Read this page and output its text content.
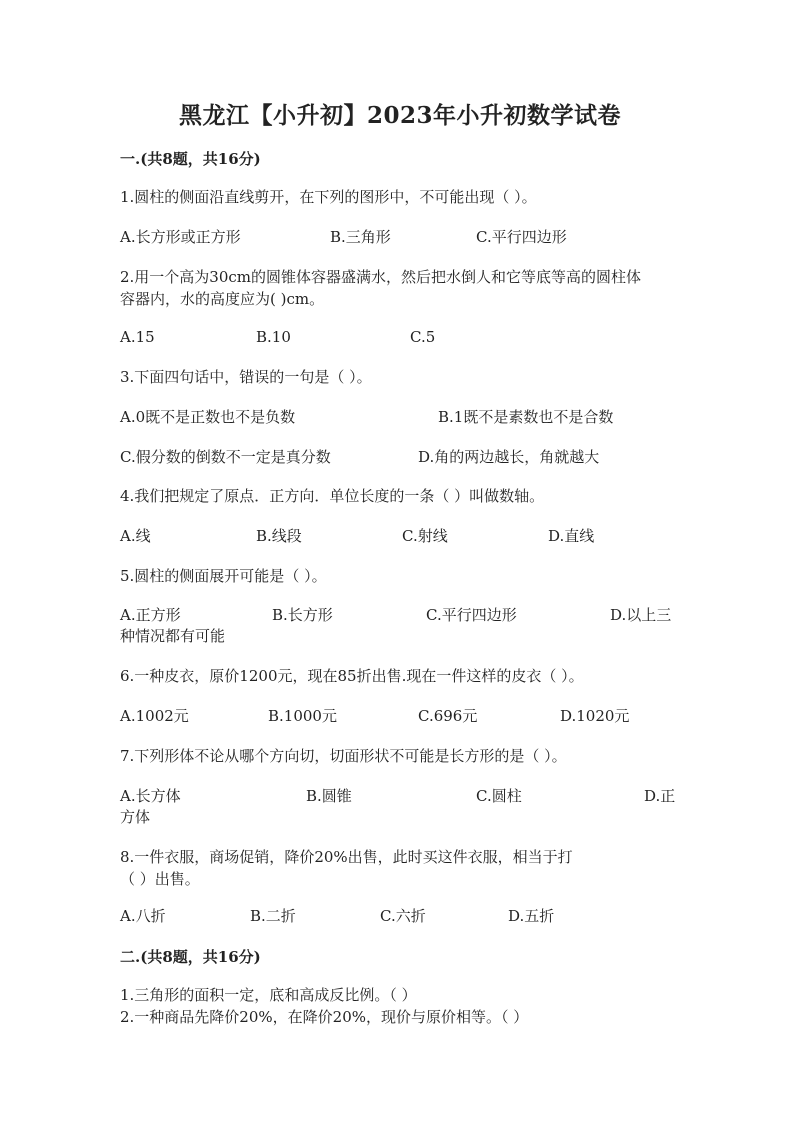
黑龙江【小升初】2023年小升初数学试卷
一.(共8题，共16分)
1.圆柱的侧面沿直线剪开，在下列的图形中，不可能出现（ ）。
A.长方形或正方形	B.三角形	C.平行四边形
2.用一个高为30cm的圆锥体容器盛满水，然后把水倒人和它等底等高的圆柱体
容器内，水的高度应为( )cm。
A.15	B.10	C.5
3.下面四句话中，错误的一句是（ ）。
A.0既不是正数也不是负数	B.1既不是素数也不是合数
C.假分数的倒数不一定是真分数	D.角的两边越长，角就越大
4.我们把规定了原点．正方向．单位长度的一条（ ）叫做数轴。
A.线	B.线段	C.射线	D.直线
5.圆柱的侧面展开可能是（ ）。
A.正方形	B.长方形	C.平行四边形	D.以上三
种情况都有可能
6.一种皮衣，原价1200元，现在85折出售.现在一件这样的皮衣（ ）。
A.1002元	B.1000元	C.696元	D.1020元
7.下列形体不论从哪个方向切，切面形状不可能是长方形的是（ ）。
A.长方体	B.圆锥	C.圆柱	D.正
方体
8.一件衣服，商场促销，降价20%出售，此时买这件衣服，相当于打
（ ）出售。
A.八折	B.二折	C.六折	D.五折
二.(共8题，共16分)
1.三角形的面积一定，底和高成反比例。（ ）
2.一种商品先降价20%，在降价20%，现价与原价相等。（ ）
